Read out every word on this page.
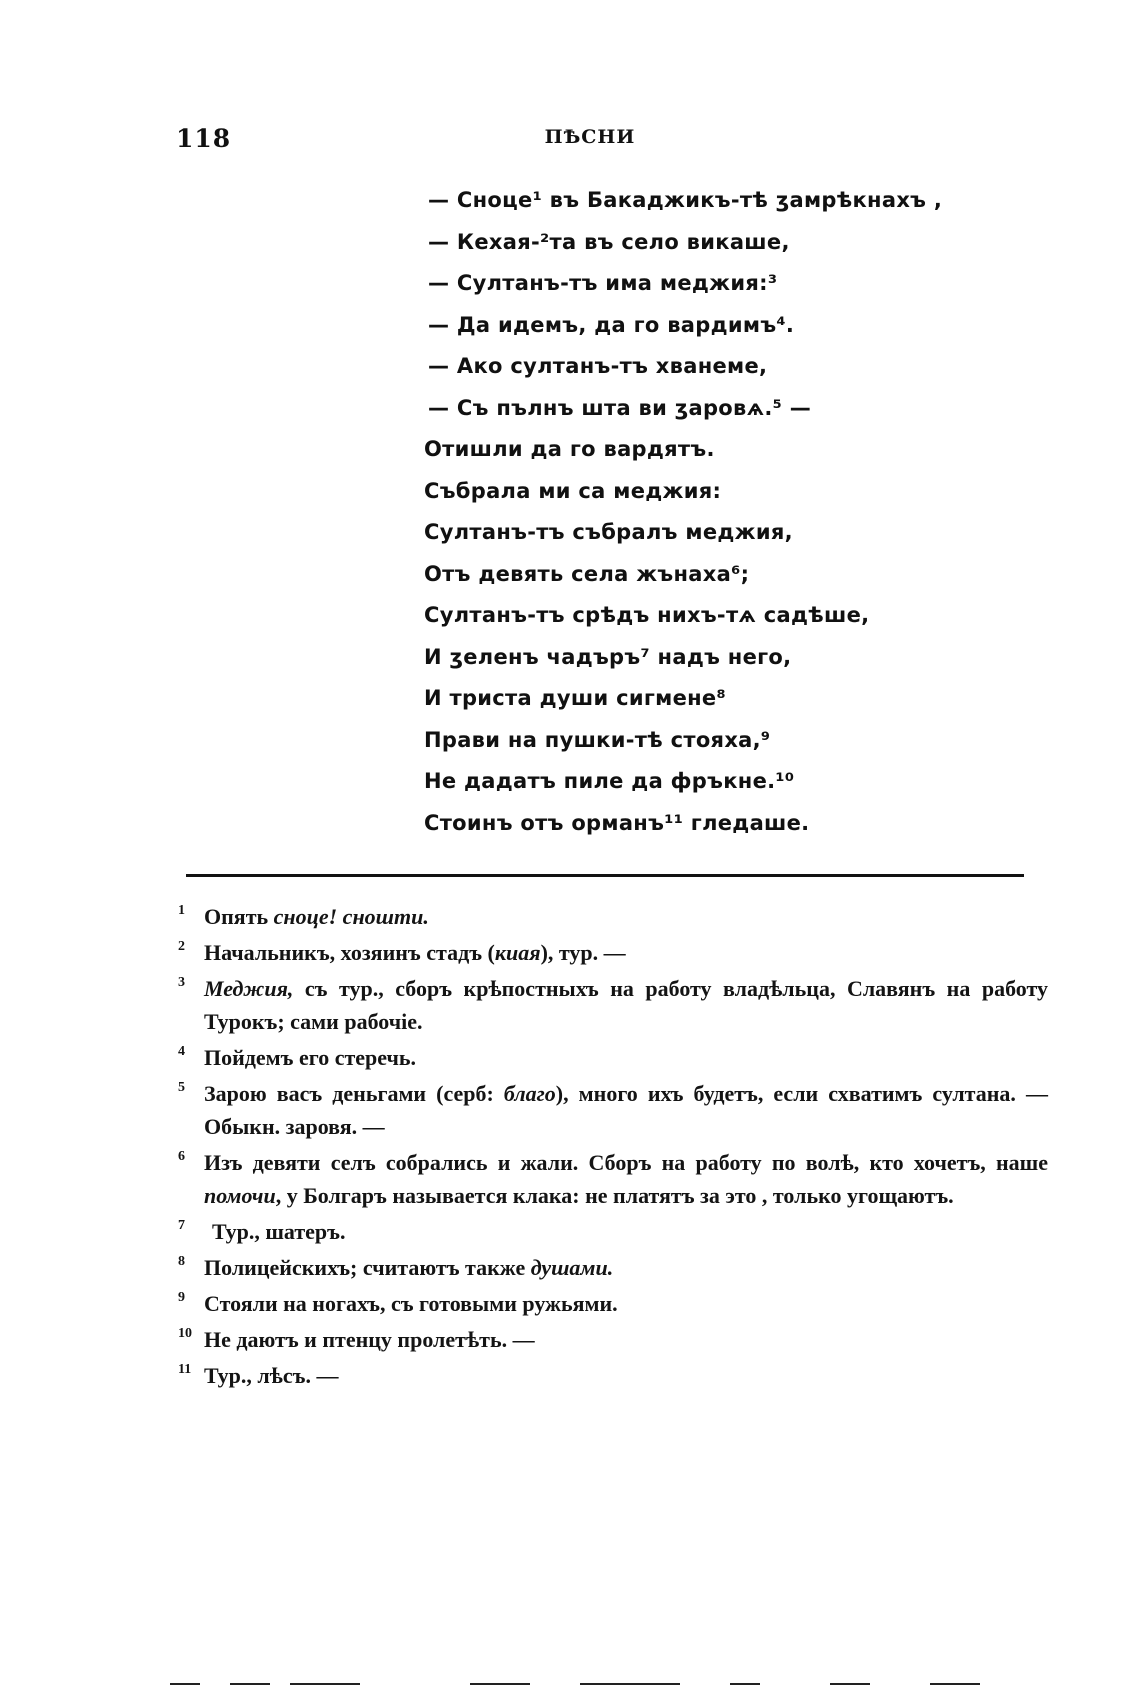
118	ПѢСНИ
— Сноце¹ въ Бакаджикъ-тѣ ʒамрѣкнахъ ,
— Кехая-²та въ село викаше,
— Султанъ-тъ има меджия:³
— Да идемъ, да го вардимъ⁴.
— Ако султанъ-тъ хванеме,
— Съ пълнъ шта ви ʒаровѧ.⁵ —
Отишли да го вардятъ.
Събрала ми са меджия:
Султанъ-тъ събралъ меджия,
Отъ девять села жънаха⁶;
Султанъ-тъ срѣдъ нихъ-тѧ садѣше,
И ʒеленъ чадъръ⁷ надъ него,
И триста души сигмене⁸
Прави на пушки-тѣ стояха,⁹
Не дадатъ пиле да фръкне.¹⁰
Стоинъ отъ орманъ¹¹ гледаше.
1 Опять сноце! сношти.
2 Начальникъ, хозяинъ стадъ (киая), тур. —
3 Меджия, съ тур., сборъ крѣпостныхъ на работу владѣльца, Славянъ на работу Турокъ; сами рабочіе.
4 Пойдемъ его стеречь.
5 Зарою васъ деньгами (серб: благо), много ихъ будетъ, если схватимъ султана. — Обыкн. заровя. —
6 Изъ девяти селъ собрались и жали. Сборъ на работу по волѣ, кто хочетъ, наше помочи, у Болгаръ называется клака: не платятъ за это , только угощаютъ.
7	Тур., шатеръ.
8 Полицейскихъ; считаютъ также душами.
9 Стояли на ногахъ, съ готовыми ружьями.
10 Не даютъ и птенцу пролетѣть. —
11 Тур., лѣсъ. —
